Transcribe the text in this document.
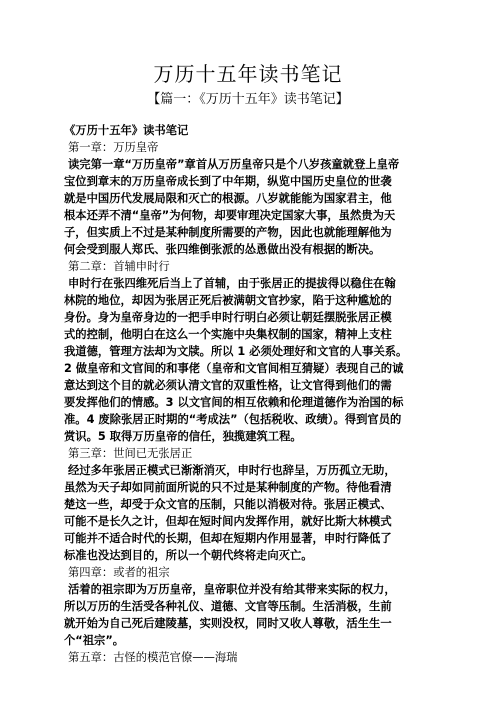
万历十五年读书笔记
【篇一：《万历十五年》读书笔记】
《万历十五年》读书笔记
第一章：万历皇帝
读完第一章“万历皇帝”章首从万历皇帝只是个八岁孩童就登上皇帝
宝位到章末的万历皇帝成长到了中年期，纵览中国历史皇位的世袭
就是中国历代发展局限和灭亡的根源。八岁就能能为国家君主，他
根本还弄不清“皇帝”为何物，却要审理决定国家大事，虽然贵为天
子，但实质上不过是某种制度所需要的产物，因此也就能理解他为
何会受到服人郑氏、张四维倒张派的怂恿做出没有根据的断决。
第二章：首辅申时行
申时行在张四维死后当上了首辅，由于张居正的提拔得以稳住在翰
林院的地位，却因为张居正死后被满朝文官抄家，陷于这种尴尬的
身份。身为皇帝身边的一把手申时行明白必须让朝廷摆脱张居正模
式的控制，他明白在这么一个实施中央集权制的国家，精神上支柱
我道德，管理方法却为文牍。所以 1 必须处理好和文官的人事关系。
2 做皇帝和文官间的和事佬（皇帝和文官间相互猜疑）表现自己的诚
意达到这个目的就必须认清文官的双重性格，让文官得到他们的需
要发挥他们的情感。3 以文官间的相互依赖和伦理道德作为治国的标
准。4 废除张居正时期的“考成法”（包括税收、政绩）。得到官员的
赏识。5 取得万历皇帝的信任，独揽建筑工程。
第三章：世间已无张居正
经过多年张居正模式已渐渐消灭，申时行也辞呈，万历孤立无助，
虽然为天子却如同前面所说的只不过是某种制度的产物。待他看清
楚这一些，却受于众文官的压制，只能以消极对待。张居正模式、
可能不是长久之计，但却在短时间内发挥作用，就好比斯大林模式
可能并不适合时代的长期，但却在短期内作用显著，申时行降低了
标准也没达到目的，所以一个朝代终将走向灭亡。
第四章：或者的祖宗
活着的祖宗即为万历皇帝，皇帝职位并没有给其带来实际的权力，
所以万历的生活受各种礼仪、道德、文官等压制。生活消极，生前
就开始为自己死后建陵墓，实则没权，同时又收人尊敬，活生生一
个“祖宗”。
第五章：古怪的模范官僚——海瑞
